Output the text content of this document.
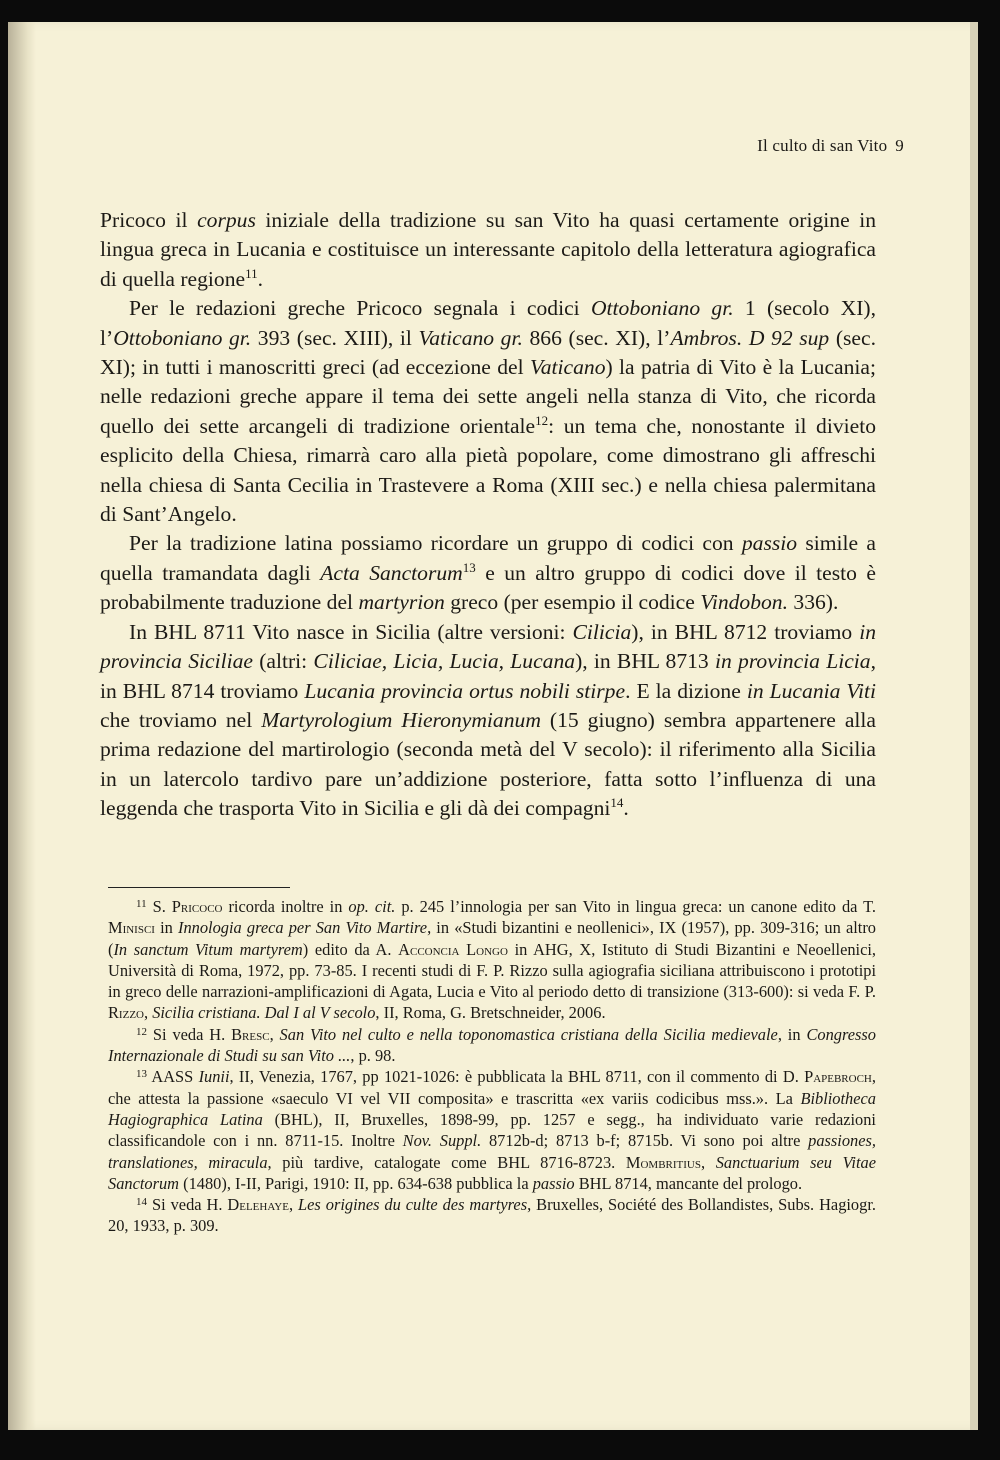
Il culto di san Vito 9

Pricoco il corpus iniziale della tradizione su san Vito ha quasi certamente origine in lingua greca in Lucania e costituisce un interessante capitolo della letteratura agiografica di quella regione$^{11}$.

Per le redazioni greche Pricoco segnala i codici Ottoboniano gr. 1 (secolo XI), l’Ottoboniano gr. 393 (sec. XIII), il Vaticano gr. 866 (sec. XI), l’Ambros. D 92 sup (sec. XI); in tutti i manoscritti greci (ad eccezione del Vaticano) la patria di Vito è la Lucania; nelle redazioni greche appare il tema dei sette angeli nella stanza di Vito, che ricorda quello dei sette arcangeli di tradizione orientale$^{12}$: un tema che, nonostante il divieto esplicito della Chiesa, rimarrà caro alla pietà popolare, come dimostrano gli affreschi nella chiesa di Santa Cecilia in Trastevere a Roma (XIII sec.) e nella chiesa palermitana di Sant’Angelo.

Per la tradizione latina possiamo ricordare un gruppo di codici con passio simile a quella tramandata dagli Acta Sanctorum$^{13}$ e un altro gruppo di codici dove il testo è probabilmente traduzione del martyrion greco (per esempio il codice Vindobon. 336).

In BHL 8711 Vito nasce in Sicilia (altre versioni: Cilicia), in BHL 8712 troviamo in provincia Siciliae (altri: Ciliciae, Licia, Lucia, Lucana), in BHL 8713 in provincia Licia, in BHL 8714 troviamo Lucania provincia ortus nobili stirpe. E la dizione in Lucania Viti che troviamo nel Martyrologium Hieronymianum (15 giugno) sembra appartenere alla prima redazione del martirologio (seconda metà del V secolo): il riferimento alla Sicilia in un latercolo tardivo pare un’addizione posteriore, fatta sotto l’influenza di una leggenda che trasporta Vito in Sicilia e gli dà dei compagni$^{14}$.

$^{11}$ S. Pricoco ricorda inoltre in op. cit. p. 245 l’innologia per san Vito in lingua greca: un canone edito da T. Minisci in Innologia greca per San Vito Martire, in «Studi bizantini e neollenici», IX (1957), pp. 309-316; un altro (In sanctum Vitum martyrem) edito da A. Acconcia Longo in AHG, X, Istituto di Studi Bizantini e Neoellenici, Università di Roma, 1972, pp. 73-85. I recenti studi di F. P. Rizzo sulla agiografia siciliana attribuiscono i prototipi in greco delle narrazioni-amplificazioni di Agata, Lucia e Vito al periodo detto di transizione (313-600): si veda F. P. Rizzo, Sicilia cristiana. Dal I al V secolo, II, Roma, G. Bretschneider, 2006.

$^{12}$ Si veda H. Bresc, San Vito nel culto e nella toponomastica cristiana della Sicilia medievale, in Congresso Internazionale di Studi su san Vito ..., p. 98.

$^{13}$ AASS Iunii, II, Venezia, 1767, pp 1021-1026: è pubblicata la BHL 8711, con il commento di D. Papebroch, che attesta la passione «saeculo VI vel VII composita» e trascritta «ex variis codicibus mss.». La Bibliotheca Hagiographica Latina (BHL), II, Bruxelles, 1898-99, pp. 1257 e segg., ha individuato varie redazioni classificandole con i nn. 8711-15. Inoltre Nov. Suppl. 8712b-d; 8713 b-f; 8715b. Vi sono poi altre passiones, translationes, miracula, più tardive, catalogate come BHL 8716-8723. Mombritius, Sanctuarium seu Vitae Sanctorum (1480), I-II, Parigi, 1910: II, pp. 634-638 pubblica la passio BHL 8714, mancante del prologo.

$^{14}$ Si veda H. Delehaye, Les origines du culte des martyres, Bruxelles, Société des Bollandistes, Subs. Hagiogr. 20, 1933, p. 309.
